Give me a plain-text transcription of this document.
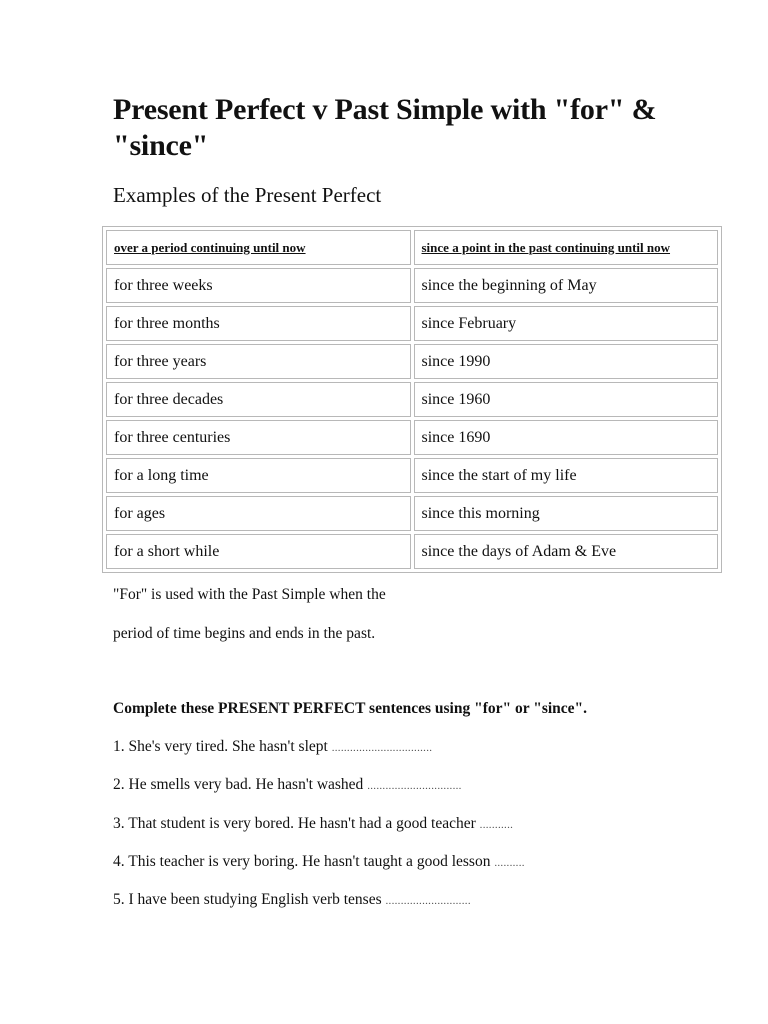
Present Perfect v Past Simple with "for" & "since"
Examples of the Present Perfect
over a period continuing until now	since a point in the past continuing until now
for three weeks	since the beginning of May
for three months	since February
for three years	since 1990
for three decades	since 1960
for three centuries	since 1690
for a long time	since the start of my life
for ages	since this morning
for a short while	since the days of Adam & Eve

"For" is used with the Past Simple when the

period of time begins and ends in the past.

Complete these PRESENT PERFECT sentences using "for" or "since".

1. She's very tired. She hasn't slept .................................

2. He smells very bad. He hasn't washed ...............................

3. That student is very bored. He hasn't had a good teacher ...........

4. This teacher is very boring. He hasn't taught a good lesson ..........

5. I have been studying English verb tenses ............................
